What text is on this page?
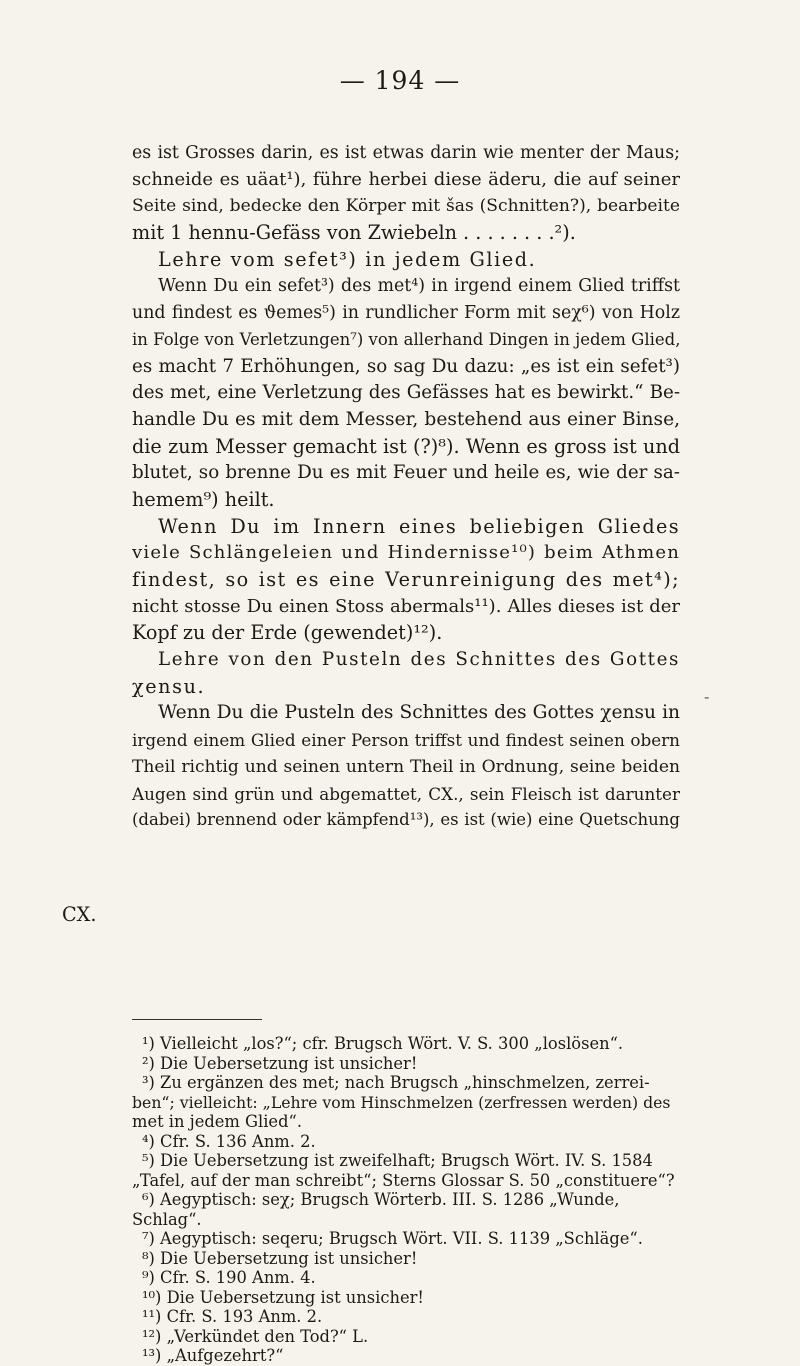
— 194 —
es ist Grosses darin, es ist etwas darin wie menter der Maus;
schneide es uäat¹), führe herbei diese äderu, die auf seiner
Seite sind, bedecke den Körper mit šas (Schnitten?), bearbeite
mit 1 hennu-Gefäss von Zwiebeln . . . . . . . .²).
Lehre vom sefet³) in jedem Glied.
Wenn Du ein sefet³) des met⁴) in irgend einem Glied triffst
und findest es ϑemes⁵) in rundlicher Form mit seχ⁶) von Holz
in Folge von Verletzungen⁷) von allerhand Dingen in jedem Glied,
es macht 7 Erhöhungen, so sag Du dazu: „es ist ein sefet³)
des met, eine Verletzung des Gefässes hat es bewirkt.“ Be-
handle Du es mit dem Messer, bestehend aus einer Binse,
die zum Messer gemacht ist (?)⁸). Wenn es gross ist und
blutet, so brenne Du es mit Feuer und heile es, wie der sa-
hemem⁹) heilt.
Wenn Du im Innern eines beliebigen Gliedes
viele Schlängeleien und Hindernisse¹⁰) beim Athmen
findest, so ist es eine Verunreinigung des met⁴);
nicht stosse Du einen Stoss abermals¹¹). Alles dieses ist der
Kopf zu der Erde (gewendet)¹²).
Lehre von den Pusteln des Schnittes des Gottes
χensu.
Wenn Du die Pusteln des Schnittes des Gottes χensu in
irgend einem Glied einer Person triffst und findest seinen obern
Theil richtig und seinen untern Theil in Ordnung, seine beiden
Augen sind grün und abgemattet, CX., sein Fleisch ist darunter
(dabei) brennend oder kämpfend¹³), es ist (wie) eine Quetschung
CX.
-
¹) Vielleicht „los?“; cfr. Brugsch Wört. V. S. 300 „loslösen“.
²) Die Uebersetzung ist unsicher!
³) Zu ergänzen des met; nach Brugsch „hinschmelzen, zerrei-
ben“; vielleicht: „Lehre vom Hinschmelzen (zerfressen werden) des
met in jedem Glied“.
⁴) Cfr. S. 136 Anm. 2.
⁵) Die Uebersetzung ist zweifelhaft; Brugsch Wört. IV. S. 1584
„Tafel, auf der man schreibt“; Sterns Glossar S. 50 „constituere“?
⁶) Aegyptisch: seχ; Brugsch Wörterb. III. S. 1286 „Wunde,
Schlag“.
⁷) Aegyptisch: seqeru; Brugsch Wört. VII. S. 1139 „Schläge“.
⁸) Die Uebersetzung ist unsicher!
⁹) Cfr. S. 190 Anm. 4.
¹⁰) Die Uebersetzung ist unsicher!
¹¹) Cfr. S. 193 Anm. 2.
¹²) „Verkündet den Tod?“ L.
¹³) „Aufgezehrt?“
